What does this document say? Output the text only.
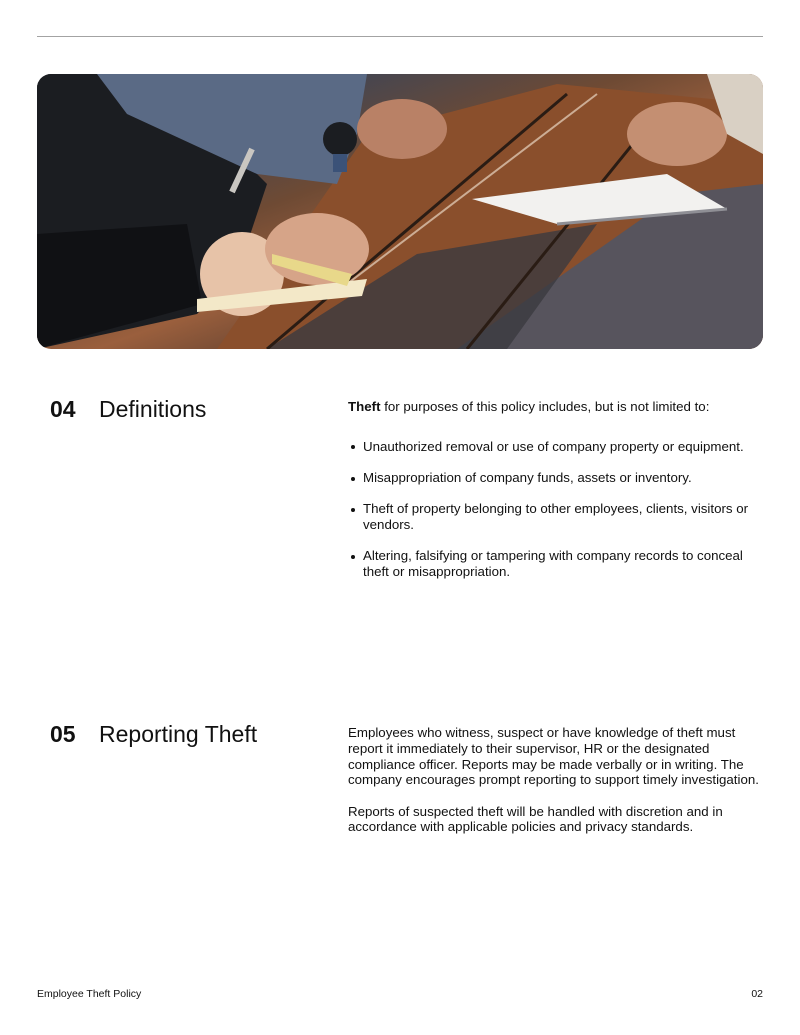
04	Definitions	Theft for purposes of this policy includes, but is not limited to:

Unauthorized removal or use of company property or equipment.
Misappropriation of company funds, assets or inventory.
Theft of property belonging to other employees, clients, visitors or vendors.
Altering, falsifying or tampering with company records to conceal theft or misappropriation.
05	Reporting Theft	Employees who witness, suspect or have knowledge of theft must report it immediately to their supervisor, HR or the designated compliance officer. Reports may be made verbally or in writing. The company encourages prompt reporting to support timely investigation.

Reports of suspected theft will be handled with discretion and in accordance with applicable policies and privacy standards.

Employee Theft Policy	02
